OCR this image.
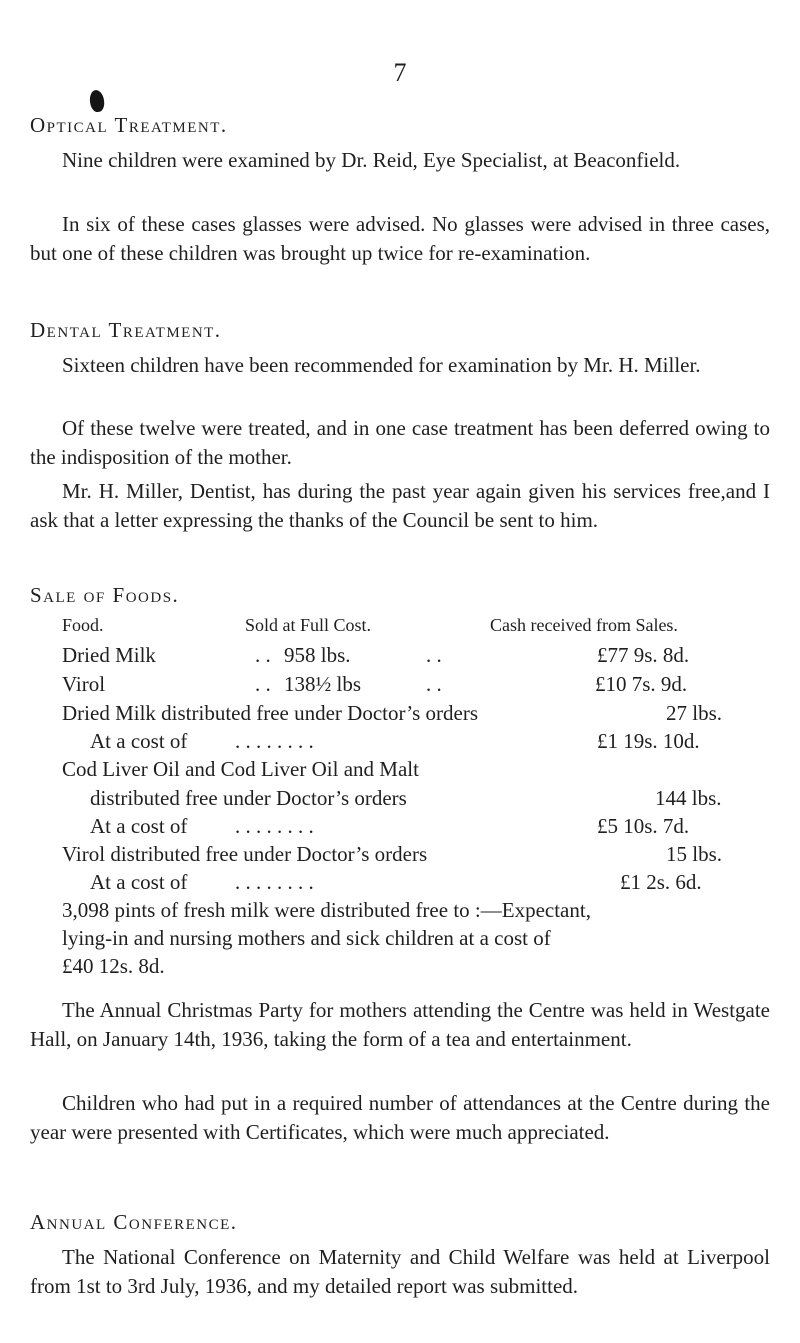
7
Optical Treatment.

Nine children were examined by Dr. Reid, Eye Specialist, at Beaconfield.

In six of these cases glasses were advised. No glasses were advised in three cases, but one of these children was brought up twice for re-examination.

Dental Treatment.

Sixteen children have been recommended for examination by Mr. H. Miller.

Of these twelve were treated, and in one case treatment has been deferred owing to the indisposition of the mother.

Mr. H. Miller, Dentist, has during the past year again given his services free,and I ask that a letter expressing the thanks of the Council be sent to him.

Sale of Foods.
Food.	Sold at Full Cost.	Cash received from Sales.
Dried Milk	. . 958 lbs.	. .	£77 9s. 8d.
Virol	. . 138½ lbs	. .	£10 7s. 9d.
Dried Milk distributed free under Doctor’s orders	27 lbs.
At a cost of . . . . . . . .	£1 19s. 10d.
Cod Liver Oil and Cod Liver Oil and Malt
distributed free under Doctor’s orders	144 lbs.
At a cost of . . . . . . . .	£5 10s. 7d.
Virol distributed free under Doctor’s orders	15 lbs.
At a cost of . . . . . . . .	£1 2s. 6d.
3,098 pints of fresh milk were distributed free to :—Expectant,
lying-in and nursing mothers and sick children at a cost of
£40 12s. 8d.

The Annual Christmas Party for mothers attending the Centre was held in Westgate Hall, on January 14th, 1936, taking the form of a tea and entertainment.

Children who had put in a required number of attendances at the Centre during the year were presented with Certificates, which were much appreciated.

Annual Conference.

The National Conference on Maternity and Child Welfare was held at Liverpool from 1st to 3rd July, 1936, and my detailed report was submitted.
